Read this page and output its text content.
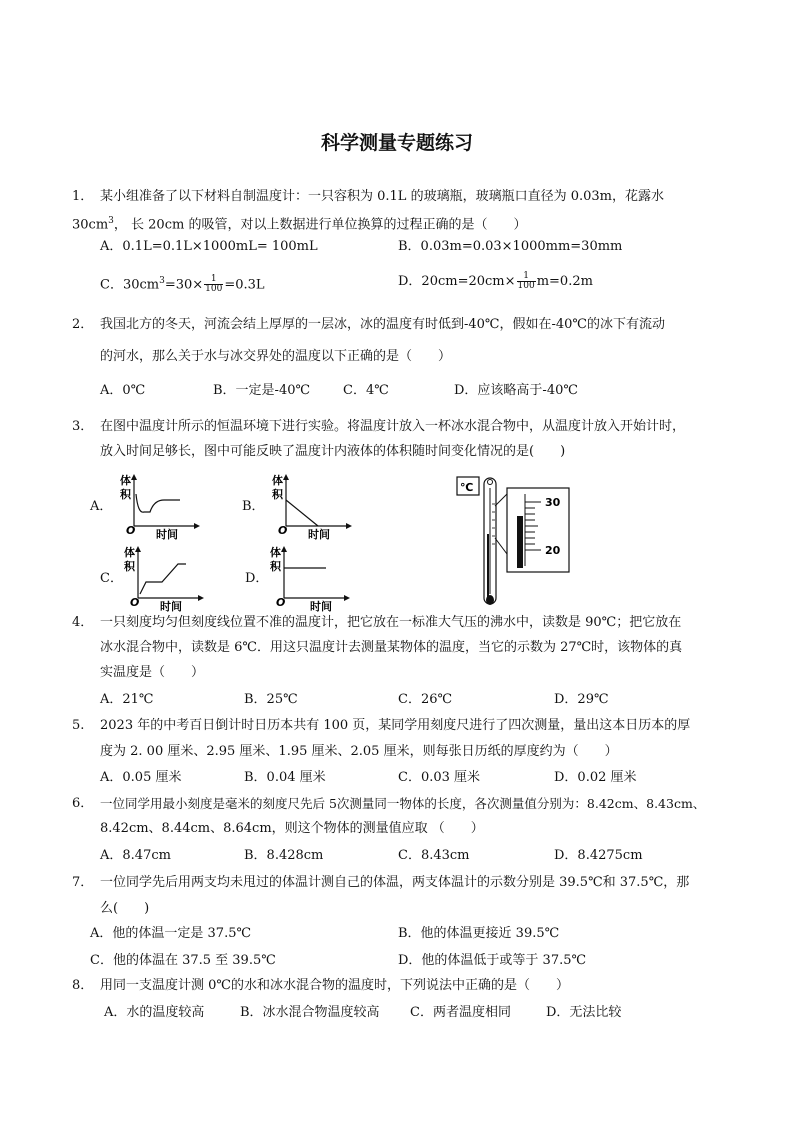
科学测量专题练习
1． 某小组准备了以下材料自制温度计：一只容积为 0.1L 的玻璃瓶，玻璃瓶口直径为 0.03m，花露水
$30cm^3$， 长 20cm 的吸管，对以上数据进行单位换算的过程正确的是（　　）
A．0.1L=0.1L×1000mL= 100mL	B．0.03m=0.03×1000mm=30mm
C．$30cm^3=30\times \frac{1}{100} =0.3L$	D．$20cm=20cm\times \frac{1}{100} m=0.2m$
2． 我国北方的冬天，河流会结上厚厚的一层冰，冰的温度有时低到-40℃，假如在-40℃的冰下有流动
的河水，那么关于水与冰交界处的温度以下正确的是（　　）
A．0℃	B．一定是-40℃	C．4℃	D．应该略高于-40℃
3． 在图中温度计所示的恒温环境下进行实验。将温度计放入一杯冰水混合物中，从温度计放入开始计时，
放入时间足够长，图中可能反映了温度计内液体的体积随时间变化情况的是(　　)
A．	B．
C．	D．
体
积
O 时间
体
积
O 时间
体
积
O 时间
体
积
O 时间
℃
30
20
4． 一只刻度均匀但刻度线位置不准的温度计，把它放在一标准大气压的沸水中，读数是 90℃；把它放在
冰水混合物中，读数是 6℃．用这只温度计去测量某物体的温度，当它的示数为 27℃时，该物体的真
实温度是（　　）
A．21℃	B．25℃	C．26℃	D．29℃
5. 2023 年的中考百日倒计时日历本共有 100 页，某同学用刻度尺进行了四次测量，量出这本日历本的厚
度为 2. 00 厘米、2.95 厘米、1.95 厘米、2.05 厘米，则每张日历纸的厚度约为（　　）
A．0.05 厘米	B．0.04 厘米	C．0.03 厘米	D．0.02 厘米
6． 一位同学用最小刻度是毫米的刻度尺先后 5次测量同一物体的长度，各次测量值分别为：8.42cm、8.43cm、
8.42cm、8.44cm、8.64cm，则这个物体的测量值应取 （　　）
A．8.47cm	B．8.428cm	C．8.43cm	D．8.4275cm
7． 一位同学先后用两支均未甩过的体温计测自己的体温，两支体温计的示数分别是 39.5℃和 37.5℃，那
么(　　)
A．他的体温一定是 37.5℃	B．他的体温更接近 39.5℃
C．他的体温在 37.5 至 39.5℃	D．他的体温低于或等于 37.5℃
8． 用同一支温度计测 0℃的水和冰水混合物的温度时，下列说法中正确的是（　　）
A．水的温度较高	B．冰水混合物温度较高 C．两者温度相同	D．无法比较
